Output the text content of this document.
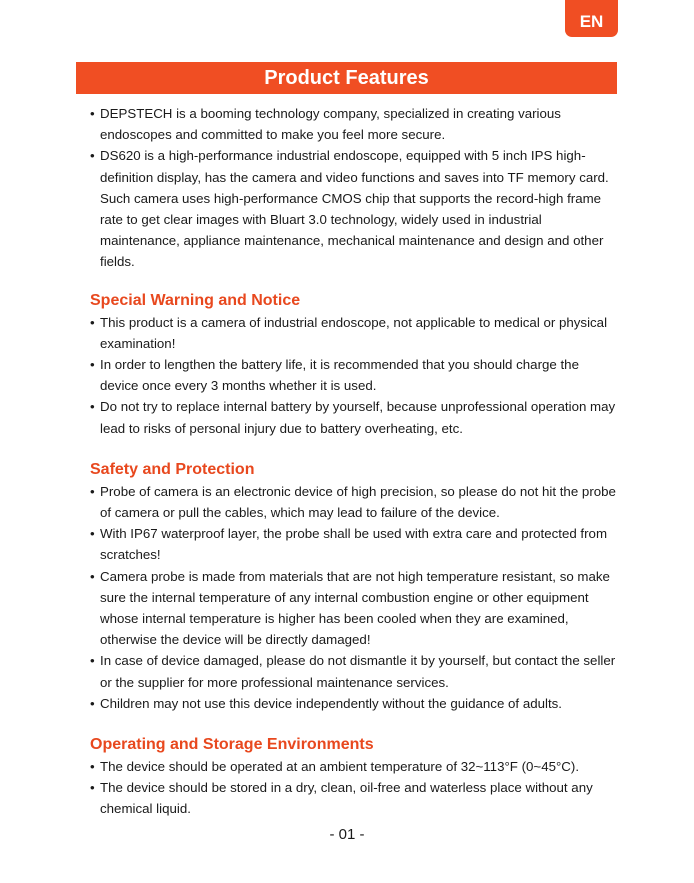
EN
Product Features
• DEPSTECH is a booming technology company, specialized in creating various endoscopes and committed to make you feel more secure.
• DS620 is a high-performance industrial endoscope, equipped with 5 inch IPS high-definition display, has the camera and video functions and saves into TF memory card. Such camera uses high-performance CMOS chip that supports the record-high frame rate to get clear images with Bluart 3.0 technology, widely used in industrial maintenance, appliance maintenance, mechanical maintenance and design and other fields.
Special Warning and Notice
• This product is a camera of industrial endoscope, not applicable to medical or physical examination!
• In order to lengthen the battery life, it is recommended that you should charge the device once every 3 months whether it is used.
• Do not try to replace internal battery by yourself, because unprofessional operation may lead to risks of personal injury due to battery overheating, etc.
Safety and Protection
• Probe of camera is an electronic device of high precision, so please do not hit the probe of camera or pull the cables, which may lead to failure of the device.
• With IP67 waterproof layer, the probe shall be used with extra care and protected from scratches!
• Camera probe is made from materials that are not high temperature resistant, so make sure the internal temperature of any internal combustion engine or other equipment whose internal temperature is higher has been cooled when they are examined, otherwise the device will be directly damaged!
• In case of device damaged, please do not dismantle it by yourself, but contact the seller or the supplier for more professional maintenance services.
• Children may not use this device independently without the guidance of adults.
Operating and Storage Environments
• The device should be operated at an ambient temperature of 32~113°F (0~45°C).
• The device should be stored in a dry, clean, oil-free and waterless place without any chemical liquid.
- 01 -
